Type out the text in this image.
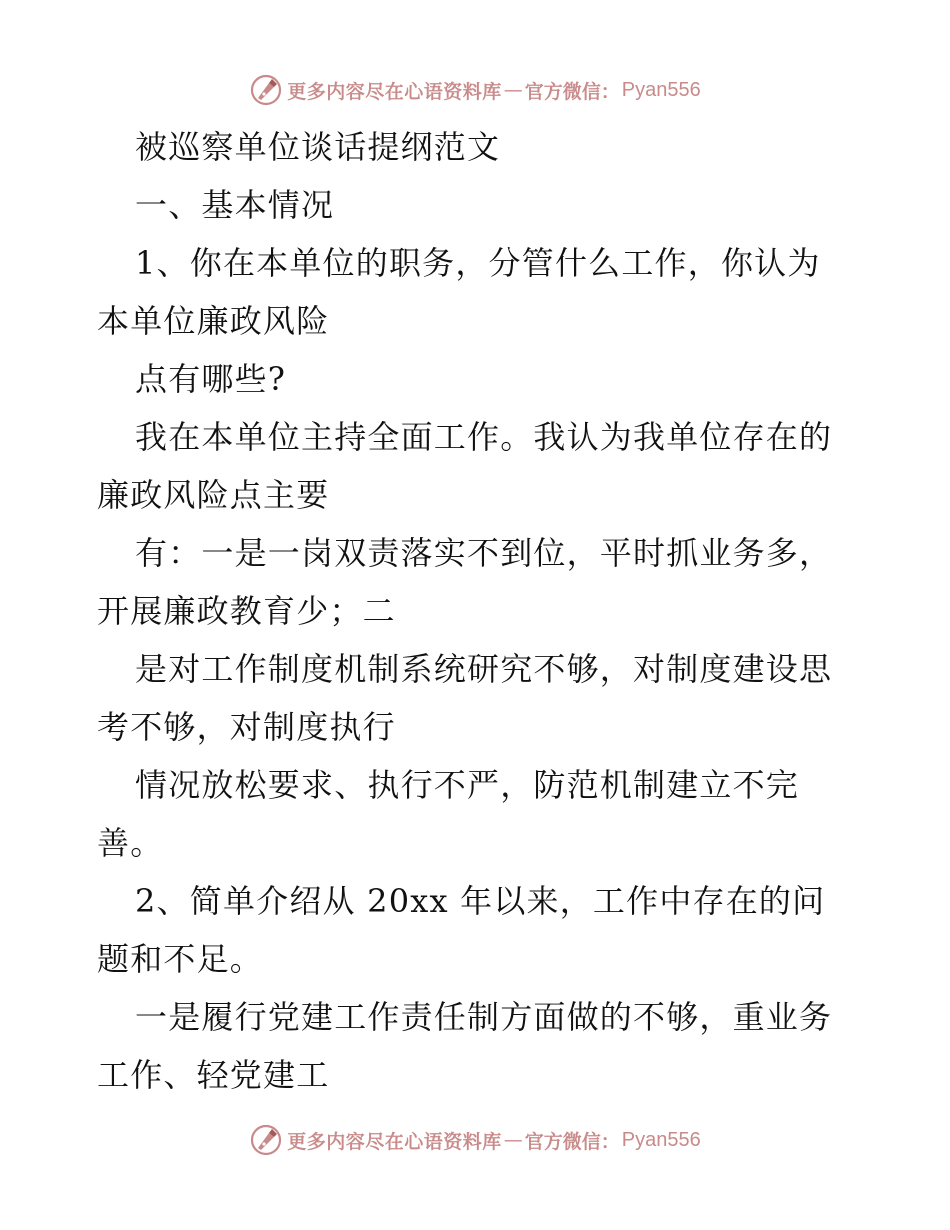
更多内容尽在心语资料库 — 官方微信： Pyan556
被巡察单位谈话提纲范文
一、基本情况
1、你在本单位的职务，分管什么工作，你认为
本单位廉政风险
点有哪些?
我在本单位主持全面工作。我认为我单位存在的
廉政风险点主要
有：一是一岗双责落实不到位，平时抓业务多，
开展廉政教育少；二
是对工作制度机制系统研究不够，对制度建设思
考不够，对制度执行
情况放松要求、执行不严，防范机制建立不完
善。
2、简单介绍从 20xx 年以来，工作中存在的问
题和不足。
一是履行党建工作责任制方面做的不够，重业务
工作、轻党建工
更多内容尽在心语资料库 — 官方微信： Pyan556
